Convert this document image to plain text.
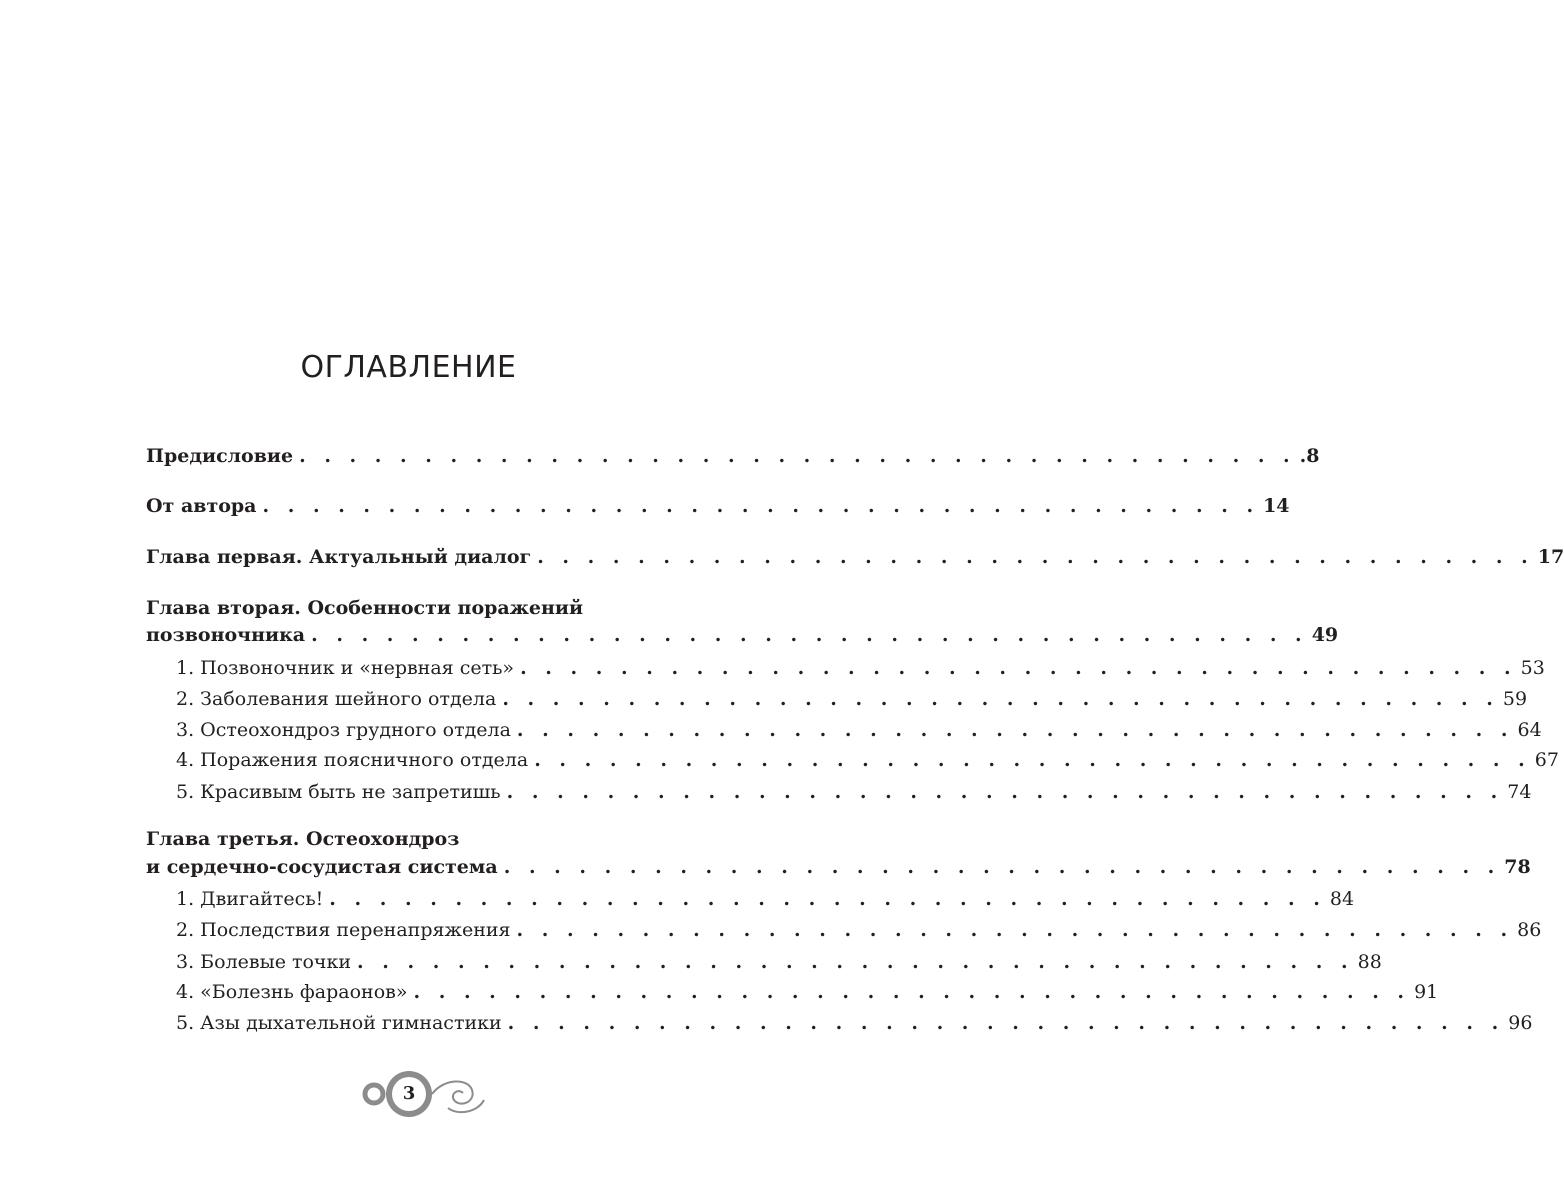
ОГЛАВЛЕНИЕ
Предисловие . . . . . . . . . . . . . . . . . . . . . . . . . . . . . . . . . . . . . . . . .8
От автора . . . . . . . . . . . . . . . . . . . . . . . . . . . . . . . . . . . . . . . . 14
Глава первая. Актуальный диалог . . . . . . . . . . . . . . . . . . . . . . . . . . . . . . . . . . . . . . . . 17
Глава вторая. Особенности поражений
позвоночника . . . . . . . . . . . . . . . . . . . . . . . . . . . . . . . . . . . . . . . . 49
1. Позвоночник и «нервная сеть» . . . . . . . . . . . . . . . . . . . . . . . . . . . . . . . . . . . . . . . . 53
2. Заболевания шейного отдела . . . . . . . . . . . . . . . . . . . . . . . . . . . . . . . . . . . . . . . . 59
3. Остеохондроз грудного отдела . . . . . . . . . . . . . . . . . . . . . . . . . . . . . . . . . . . . . . . . 64
4. Поражения поясничного отдела . . . . . . . . . . . . . . . . . . . . . . . . . . . . . . . . . . . . . . . . 67
5. Красивым быть не запретишь . . . . . . . . . . . . . . . . . . . . . . . . . . . . . . . . . . . . . . . . 74
Глава третья. Остеохондроз
и сердечно-сосудистая система . . . . . . . . . . . . . . . . . . . . . . . . . . . . . . . . . . . . . . . . 78
1. Двигайтесь! . . . . . . . . . . . . . . . . . . . . . . . . . . . . . . . . . . . . . . . . 84
2. Последствия перенапряжения . . . . . . . . . . . . . . . . . . . . . . . . . . . . . . . . . . . . . . . . 86
3. Болевые точки . . . . . . . . . . . . . . . . . . . . . . . . . . . . . . . . . . . . . . . . 88
4. «Болезнь фараонов» . . . . . . . . . . . . . . . . . . . . . . . . . . . . . . . . . . . . . . . . 91
5. Азы дыхательной гимнастики . . . . . . . . . . . . . . . . . . . . . . . . . . . . . . . . . . . . . . . . 96
3
